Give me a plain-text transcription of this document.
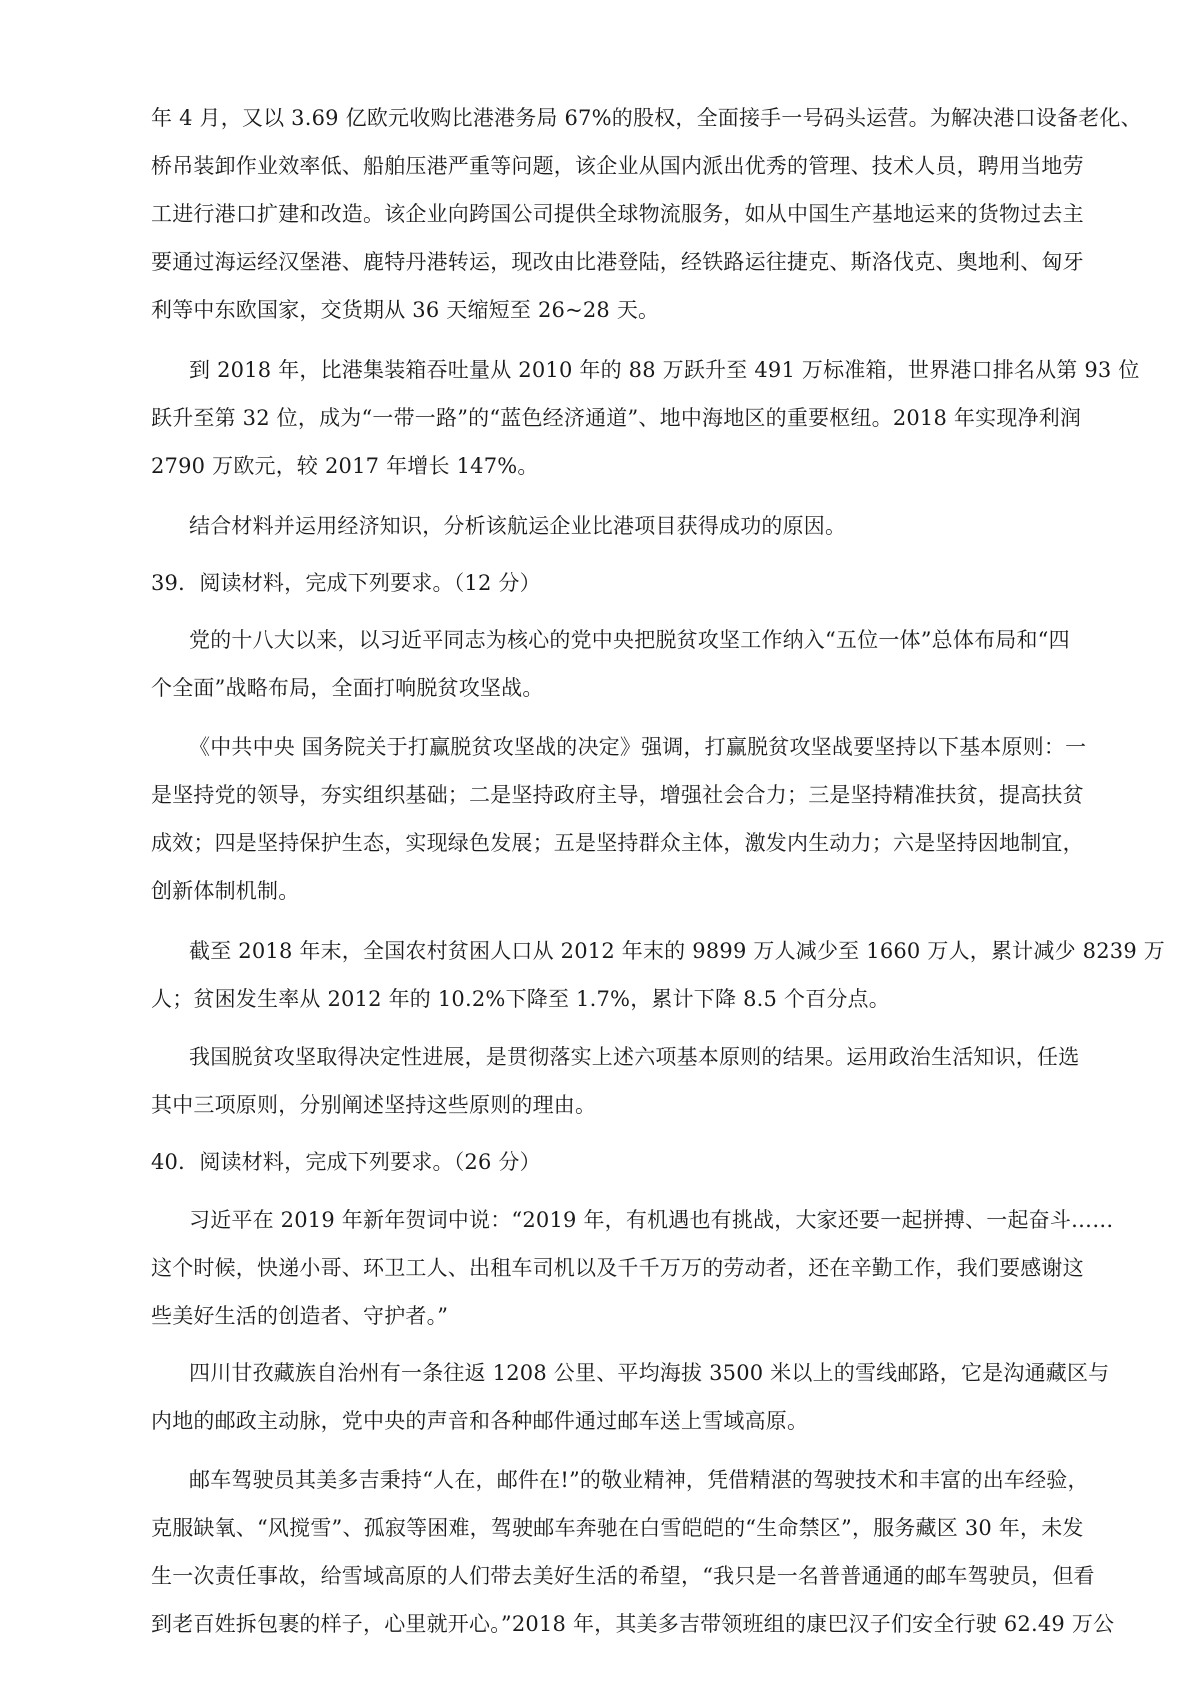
年 4 月，又以 3.69 亿欧元收购比港港务局 67%的股权，全面接手一号码头运营。为解决港口设备老化、
桥吊装卸作业效率低、船舶压港严重等问题，该企业从国内派出优秀的管理、技术人员，聘用当地劳
工进行港口扩建和改造。该企业向跨国公司提供全球物流服务，如从中国生产基地运来的货物过去主
要通过海运经汉堡港、鹿特丹港转运，现改由比港登陆，经铁路运往捷克、斯洛伐克、奥地利、匈牙
利等中东欧国家，交货期从 36 天缩短至 26~28 天。
到 2018 年，比港集装箱吞吐量从 2010 年的 88 万跃升至 491 万标准箱，世界港口排名从第 93 位
跃升至第 32 位，成为“一带一路”的“蓝色经济通道”、地中海地区的重要枢纽。2018 年实现净利润
2790 万欧元，较 2017 年增长 147%。
结合材料并运用经济知识，分析该航运企业比港项目获得成功的原因。
39．阅读材料，完成下列要求。（12 分）
党的十八大以来，以习近平同志为核心的党中央把脱贫攻坚工作纳入“五位一体”总体布局和“四
个全面”战略布局，全面打响脱贫攻坚战。
《中共中央 国务院关于打赢脱贫攻坚战的决定》强调，打赢脱贫攻坚战要坚持以下基本原则：一
是坚持党的领导，夯实组织基础；二是坚持政府主导，增强社会合力；三是坚持精准扶贫，提高扶贫
成效；四是坚持保护生态，实现绿色发展；五是坚持群众主体，激发内生动力；六是坚持因地制宜，
创新体制机制。
截至 2018 年末，全国农村贫困人口从 2012 年末的 9899 万人减少至 1660 万人，累计减少 8239 万
人；贫困发生率从 2012 年的 10.2%下降至 1.7%，累计下降 8.5 个百分点。
我国脱贫攻坚取得决定性进展，是贯彻落实上述六项基本原则的结果。运用政治生活知识，任选
其中三项原则，分别阐述坚持这些原则的理由。
40．阅读材料，完成下列要求。（26 分）
习近平在 2019 年新年贺词中说：“2019 年，有机遇也有挑战，大家还要一起拼搏、一起奋斗……
这个时候，快递小哥、环卫工人、出租车司机以及千千万万的劳动者，还在辛勤工作，我们要感谢这
些美好生活的创造者、守护者。”
四川甘孜藏族自治州有一条往返 1208 公里、平均海拔 3500 米以上的雪线邮路，它是沟通藏区与
内地的邮政主动脉，党中央的声音和各种邮件通过邮车送上雪域高原。
邮车驾驶员其美多吉秉持“人在，邮件在!”的敬业精神，凭借精湛的驾驶技术和丰富的出车经验，
克服缺氧、“风搅雪”、孤寂等困难，驾驶邮车奔驰在白雪皑皑的“生命禁区”，服务藏区 30 年，未发
生一次责任事故，给雪域高原的人们带去美好生活的希望，“我只是一名普普通通的邮车驾驶员，但看
到老百姓拆包裹的样子，心里就开心。”2018 年，其美多吉带领班组的康巴汉子们安全行驶 62.49 万公
